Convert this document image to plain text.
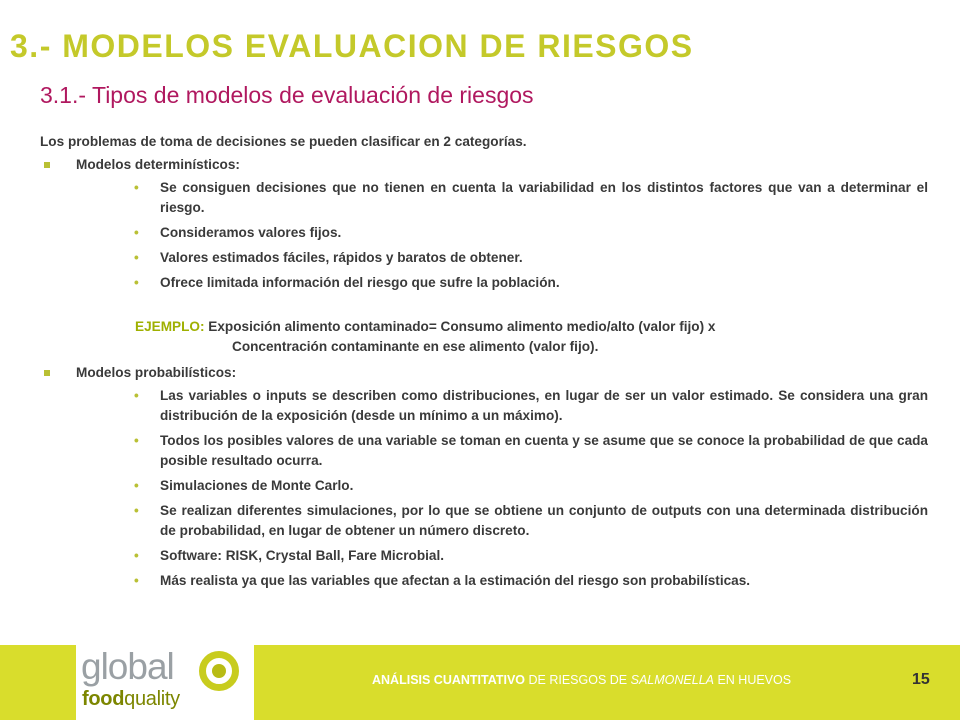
3.- MODELOS EVALUACION DE RIESGOS
3.1.- Tipos de modelos de evaluación de riesgos

Los problemas de toma de decisiones se pueden clasificar en 2 categorías.

Modelos determinísticos:

• Se consiguen decisiones que no tienen en cuenta la variabilidad en los distintos factores que van a determinar el riesgo.
• Consideramos valores fijos.
• Valores estimados fáciles, rápidos y baratos de obtener.
• Ofrece limitada información del riesgo que sufre la población.

EJEMPLO: Exposición alimento contaminado= Consumo alimento medio/alto (valor fijo) x

Concentración contaminante en ese alimento (valor fijo).

Modelos probabilísticos:

• Las variables o inputs se describen como distribuciones, en lugar de ser un valor estimado. Se considera una gran distribución de la exposición (desde un mínimo a un máximo).
• Todos los posibles valores de una variable se toman en cuenta y se asume que se conoce la probabilidad de que cada posible resultado ocurra.
• Simulaciones de Monte Carlo.
• Se realizan diferentes simulaciones, por lo que se obtiene un conjunto de outputs con una determinada distribución de probabilidad, en lugar de obtener un número discreto.
• Software: RISK, Crystal Ball, Fare Microbial.
• Más realista ya que las variables que afectan a la estimación del riesgo son probabilísticas.
global
foodquality
ANÁLISIS CUANTITATIVO DE RIESGOS DE SALMONELLA EN HUEVOS	15
